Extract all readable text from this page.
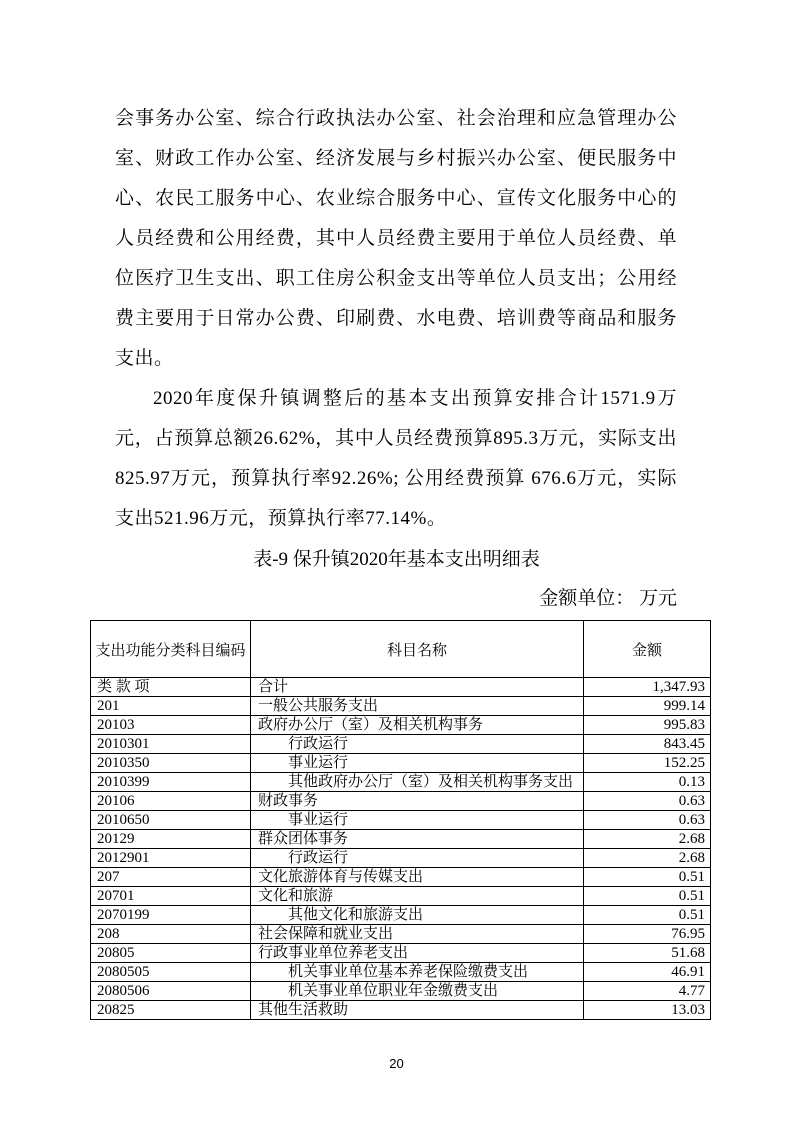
会事务办公室、综合行政执法办公室、社会治理和应急管理办公室、财政工作办公室、经济发展与乡村振兴办公室、便民服务中心、农民工服务中心、农业综合服务中心、宣传文化服务中心的人员经费和公用经费，其中人员经费主要用于单位人员经费、单位医疗卫生支出、职工住房公积金支出等单位人员支出；公用经费主要用于日常办公费、印刷费、水电费、培训费等商品和服务支出。

2020年度保升镇调整后的基本支出预算安排合计1571.9万元，占预算总额26.62%，其中人员经费预算895.3万元，实际支出825.97万元，预算执行率92.26%; 公用经费预算 676.6万元，实际支出521.96万元，预算执行率77.14%。

表-9 保升镇2020年基本支出明细表
金额单位： 万元
支出功能分类科目编码	科目名称	金额
类 款 项	合计	1,347.93
201	一般公共服务支出	999.14
20103	政府办公厅（室）及相关机构事务	995.83
2010301	行政运行	843.45
2010350	事业运行	152.25
2010399	其他政府办公厅（室）及相关机构事务支出	0.13
20106	财政事务	0.63
2010650	事业运行	0.63
20129	群众团体事务	2.68
2012901	行政运行	2.68
207	文化旅游体育与传媒支出	0.51
20701	文化和旅游	0.51
2070199	其他文化和旅游支出	0.51
208	社会保障和就业支出	76.95
20805	行政事业单位养老支出	51.68
2080505	机关事业单位基本养老保险缴费支出	46.91
2080506	机关事业单位职业年金缴费支出	4.77
20825	其他生活救助	13.03
20
